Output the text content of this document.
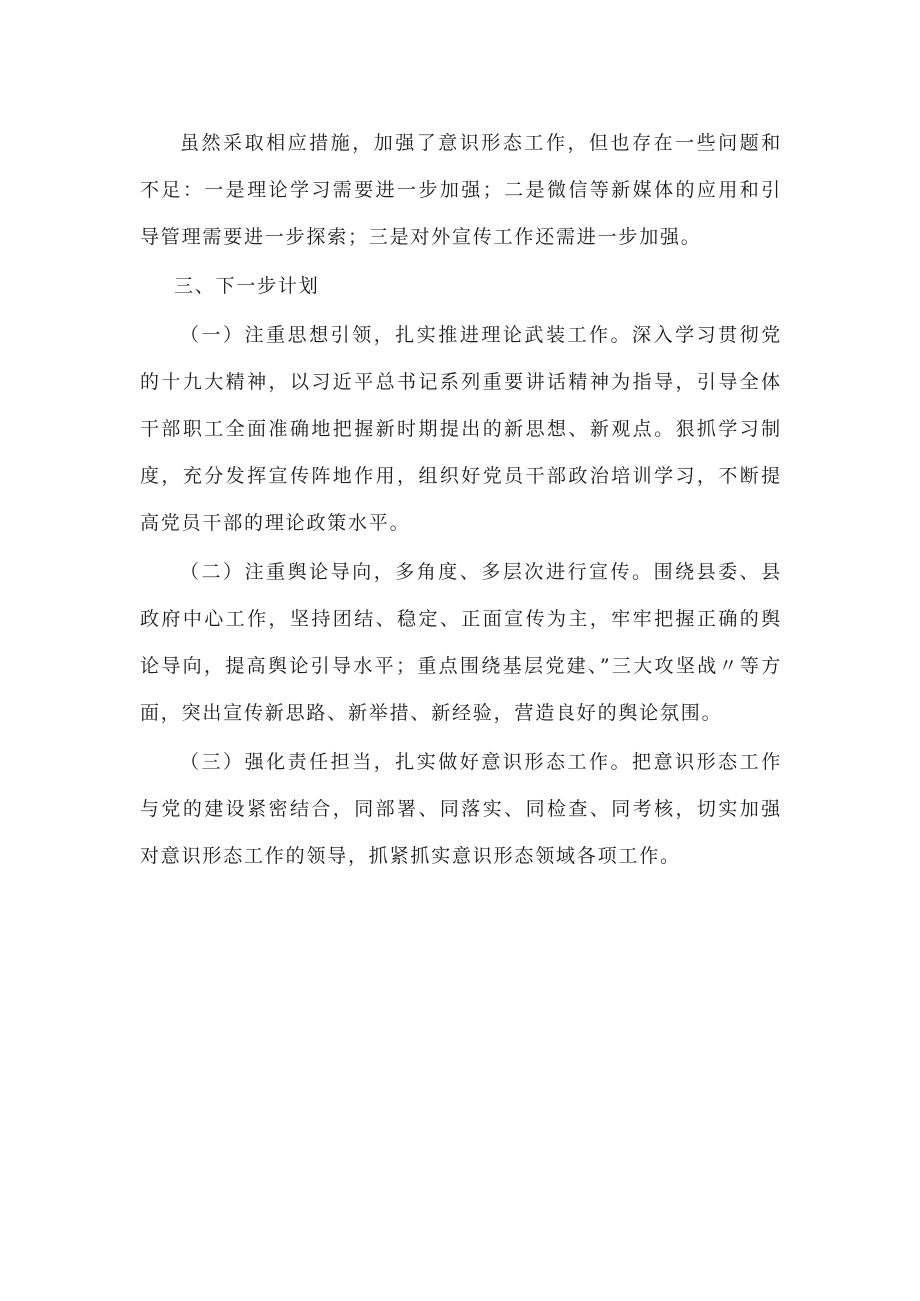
虽然采取相应措施，加强了意识形态工作，但也存在一些问题和不足：一是理论学习需要进一步加强；二是微信等新媒体的应用和引导管理需要进一步探索；三是对外宣传工作还需进一步加强。

三、下一步计划

（一）注重思想引领，扎实推进理论武装工作。深入学习贯彻党的十九大精神，以习近平总书记系列重要讲话精神为指导，引导全体干部职工全面准确地把握新时期提出的新思想、新观点。狠抓学习制度，充分发挥宣传阵地作用，组织好党员干部政治培训学习，不断提高党员干部的理论政策水平。

（二）注重舆论导向，多角度、多层次进行宣传。围绕县委、县政府中心工作，坚持团结、稳定、正面宣传为主，牢牢把握正确的舆论导向，提高舆论引导水平；重点围绕基层党建、”三大攻坚战〃等方面，突出宣传新思路、新举措、新经验，营造良好的舆论氛围。

（三）强化责任担当，扎实做好意识形态工作。把意识形态工作与党的建设紧密结合，同部署、同落实、同检查、同考核，切实加强对意识形态工作的领导，抓紧抓实意识形态领域各项工作。
